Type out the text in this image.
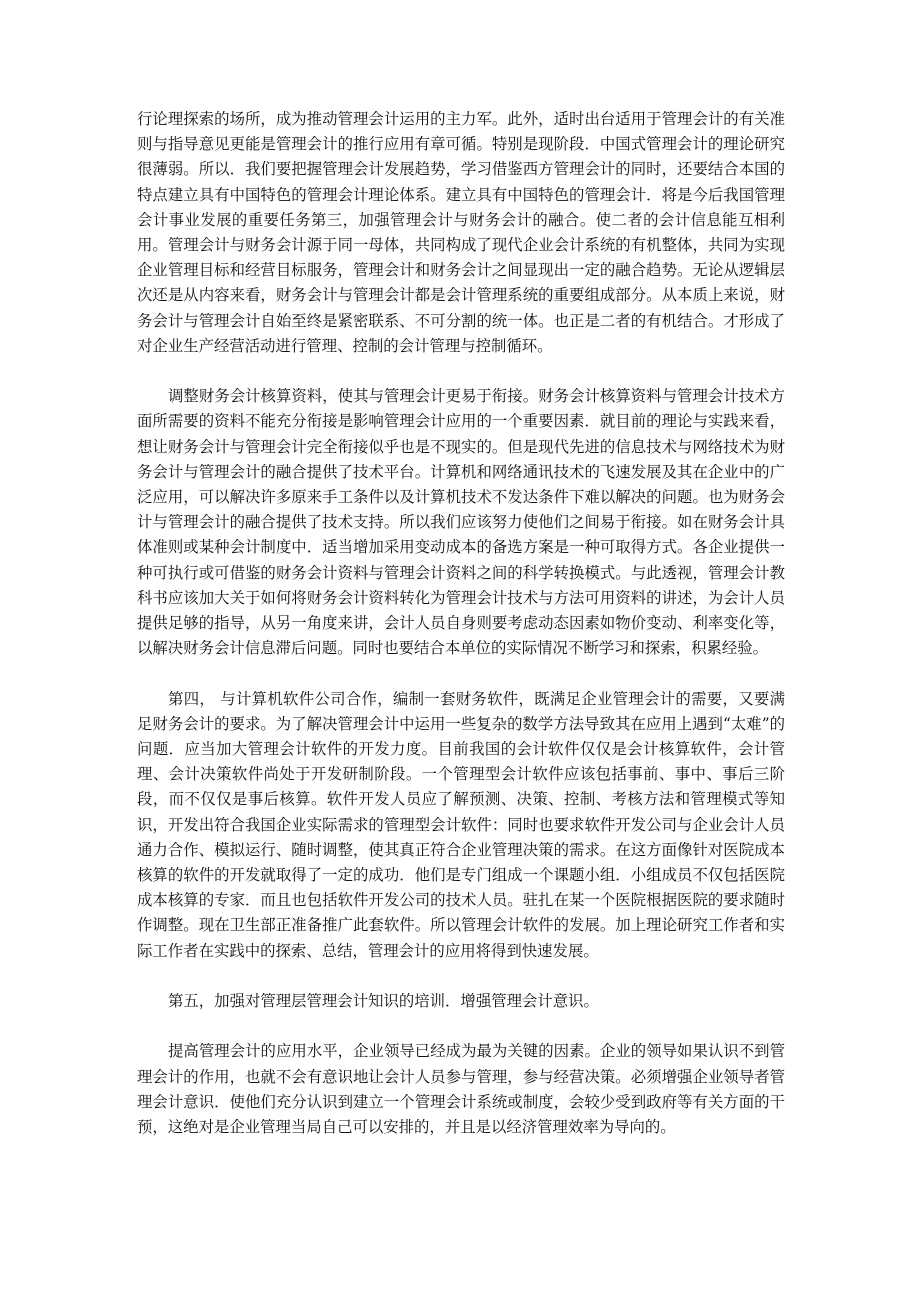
行论理探索的场所，成为推动管理会计运用的主力军。此外，适时出台适用于管理会计的有关准则与指导意见更能是管理会计的推行应用有章可循。特别是现阶段．中国式管理会计的理论研究很薄弱。所以．我们要把握管理会计发展趋势，学习借鉴西方管理会计的同时，还要结合本国的特点建立具有中国特色的管理会计理论体系。建立具有中国特色的管理会计．将是今后我国管理会计事业发展的重要任务第三，加强管理会计与财务会计的融合。使二者的会计信息能互相利用。管理会计与财务会计源于同一母体，共同构成了现代企业会计系统的有机整体，共同为实现企业管理目标和经营目标服务，管理会计和财务会计之间显现出一定的融合趋势。无论从逻辑层次还是从内容来看，财务会计与管理会计都是会计管理系统的重要组成部分。从本质上来说，财务会计与管理会计自始至终是紧密联系、不可分割的统一体。也正是二者的有机结合。才形成了对企业生产经营活动进行管理、控制的会计管理与控制循环。

调整财务会计核算资料，使其与管理会计更易于衔接。财务会计核算资料与管理会计技术方面所需要的资料不能充分衔接是影响管理会计应用的一个重要因素．就目前的理论与实践来看，想让财务会计与管理会计完全衔接似乎也是不现实的。但是现代先进的信息技术与网络技术为财务会计与管理会计的融合提供了技术平台。计算机和网络通讯技术的飞速发展及其在企业中的广泛应用，可以解决许多原来手工条件以及计算机技术不发达条件下难以解决的问题。也为财务会计与管理会计的融合提供了技术支持。所以我们应该努力使他们之间易于衔接。如在财务会计具体准则或某种会计制度中．适当增加采用变动成本的备选方案是一种可取得方式。各企业提供一种可执行或可借鉴的财务会计资料与管理会计资料之间的科学转换模式。与此透视，管理会计教科书应该加大关于如何将财务会计资料转化为管理会计技术与方法可用资料的讲述，为会计人员提供足够的指导，从另一角度来讲，会计人员自身则要考虑动态因素如物价变动、利率变化等，以解决财务会计信息滞后问题。同时也要结合本单位的实际情况不断学习和探索，积累经验。

第四， 与计算机软件公司合作，编制一套财务软件，既满足企业管理会计的需要，又要满足财务会计的要求。为了解决管理会计中运用一些复杂的数学方法导致其在应用上遇到“太难”的问题．应当加大管理会计软件的开发力度。目前我国的会计软件仅仅是会计核算软件，会计管理、会计决策软件尚处于开发研制阶段。一个管理型会计软件应该包括事前、事中、事后三阶段，而不仅仅是事后核算。软件开发人员应了解预测、决策、控制、考核方法和管理模式等知识，开发出符合我国企业实际需求的管理型会计软件：同时也要求软件开发公司与企业会计人员通力合作、模拟运行、随时调整，使其真正符合企业管理决策的需求。在这方面像针对医院成本核算的软件的开发就取得了一定的成功．他们是专门组成一个课题小组．小组成员不仅包括医院成本核算的专家．而且也包括软件开发公司的技术人员。驻扎在某一个医院根据医院的要求随时作调整。现在卫生部正准备推广此套软件。所以管理会计软件的发展。加上理论研究工作者和实际工作者在实践中的探索、总结，管理会计的应用将得到快速发展。

第五，加强对管理层管理会计知识的培训．增强管理会计意识。

提高管理会计的应用水平，企业领导已经成为最为关键的因素。企业的领导如果认识不到管理会计的作用，也就不会有意识地让会计人员参与管理，参与经营决策。必须增强企业领导者管理会计意识．使他们充分认识到建立一个管理会计系统或制度，会较少受到政府等有关方面的干预，这绝对是企业管理当局自己可以安排的，并且是以经济管理效率为导向的。
